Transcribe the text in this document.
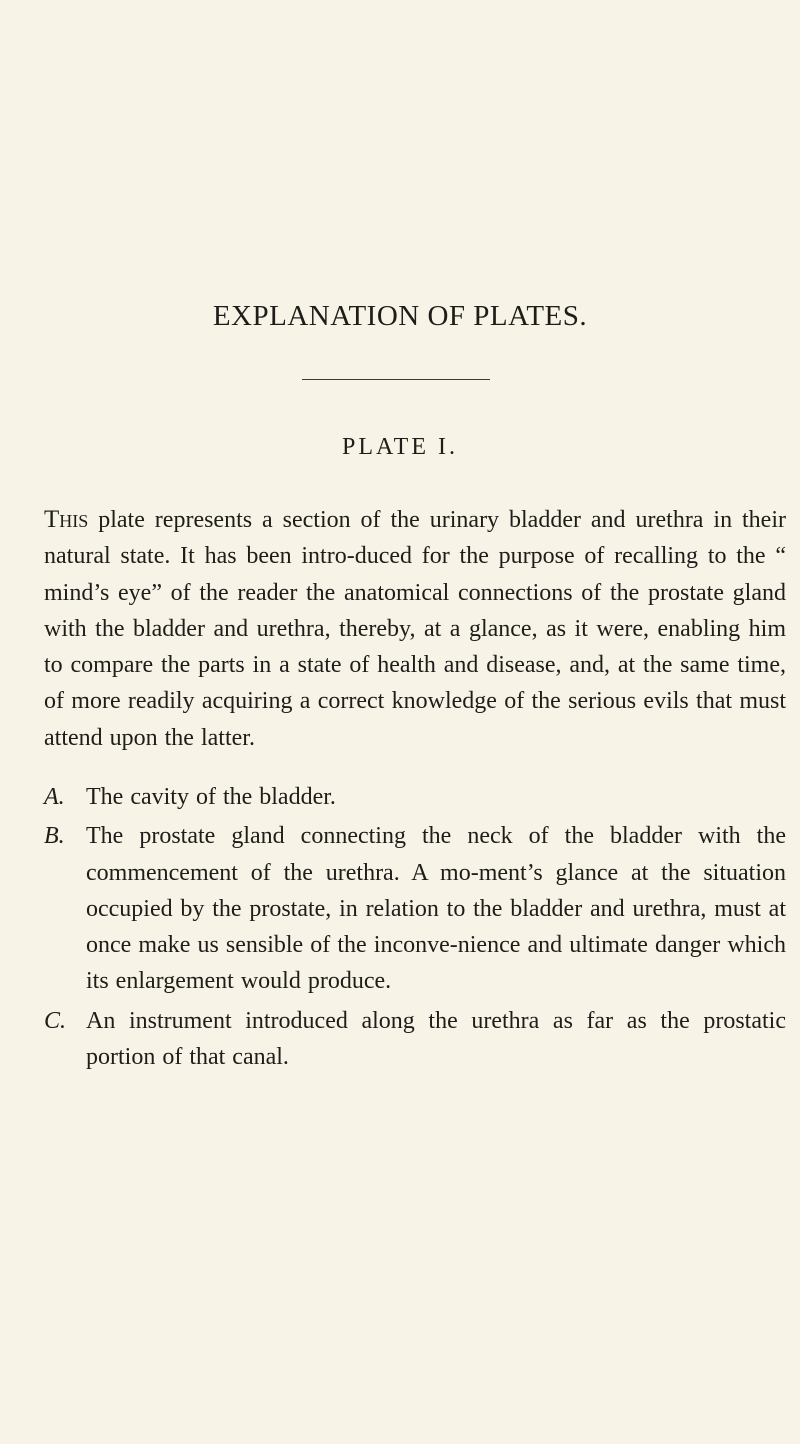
EXPLANATION OF PLATES.
PLATE I.

This plate represents a section of the urinary bladder and urethra in their natural state. It has been intro-duced for the purpose of recalling to the “ mind’s eye” of the reader the anatomical connections of the prostate gland with the bladder and urethra, thereby, at a glance, as it were, enabling him to compare the parts in a state of health and disease, and, at the same time, of more readily acquiring a correct knowledge of the serious evils that must attend upon the latter.

A. The cavity of the bladder.
B. The prostate gland connecting the neck of the bladder with the commencement of the urethra. A mo-ment’s glance at the situation occupied by the prostate, in relation to the bladder and urethra, must at once make us sensible of the inconve-nience and ultimate danger which its enlargement would produce.
C. An instrument introduced along the urethra as far as the prostatic portion of that canal.
